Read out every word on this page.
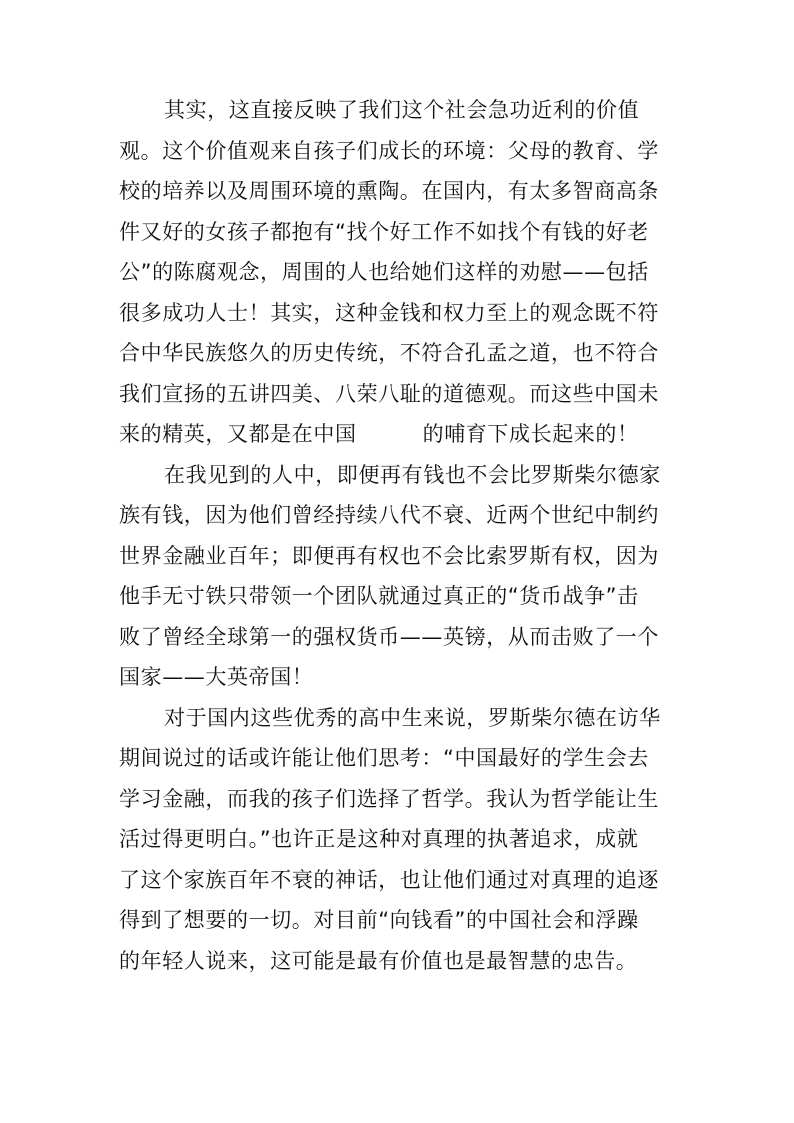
其实，这直接反映了我们这个社会急功近利的价值
观。这个价值观来自孩子们成长的环境：父母的教育、学
校的培养以及周围环境的熏陶。在国内，有太多智商高条
件又好的女孩子都抱有“找个好工作不如找个有钱的好老
公”的陈腐观念，周围的人也给她们这样的劝慰——包括
很多成功人士！其实，这种金钱和权力至上的观念既不符
合中华民族悠久的历史传统，不符合孔孟之道，也不符合
我们宣扬的五讲四美、八荣八耻的道德观。而这些中国未
来的精英，又都是在中国	的哺育下成长起来的！
在我见到的人中，即便再有钱也不会比罗斯柴尔德家
族有钱，因为他们曾经持续八代不衰、近两个世纪中制约
世界金融业百年；即便再有权也不会比索罗斯有权，因为
他手无寸铁只带领一个团队就通过真正的“货币战争”击
败了曾经全球第一的强权货币——英镑，从而击败了一个
国家——大英帝国！
对于国内这些优秀的高中生来说，罗斯柴尔德在访华
期间说过的话或许能让他们思考：“中国最好的学生会去
学习金融，而我的孩子们选择了哲学。我认为哲学能让生
活过得更明白。”也许正是这种对真理的执著追求，成就
了这个家族百年不衰的神话，也让他们通过对真理的追逐
得到了想要的一切。对目前“向钱看”的中国社会和浮躁
的年轻人说来，这可能是最有价值也是最智慧的忠告。
